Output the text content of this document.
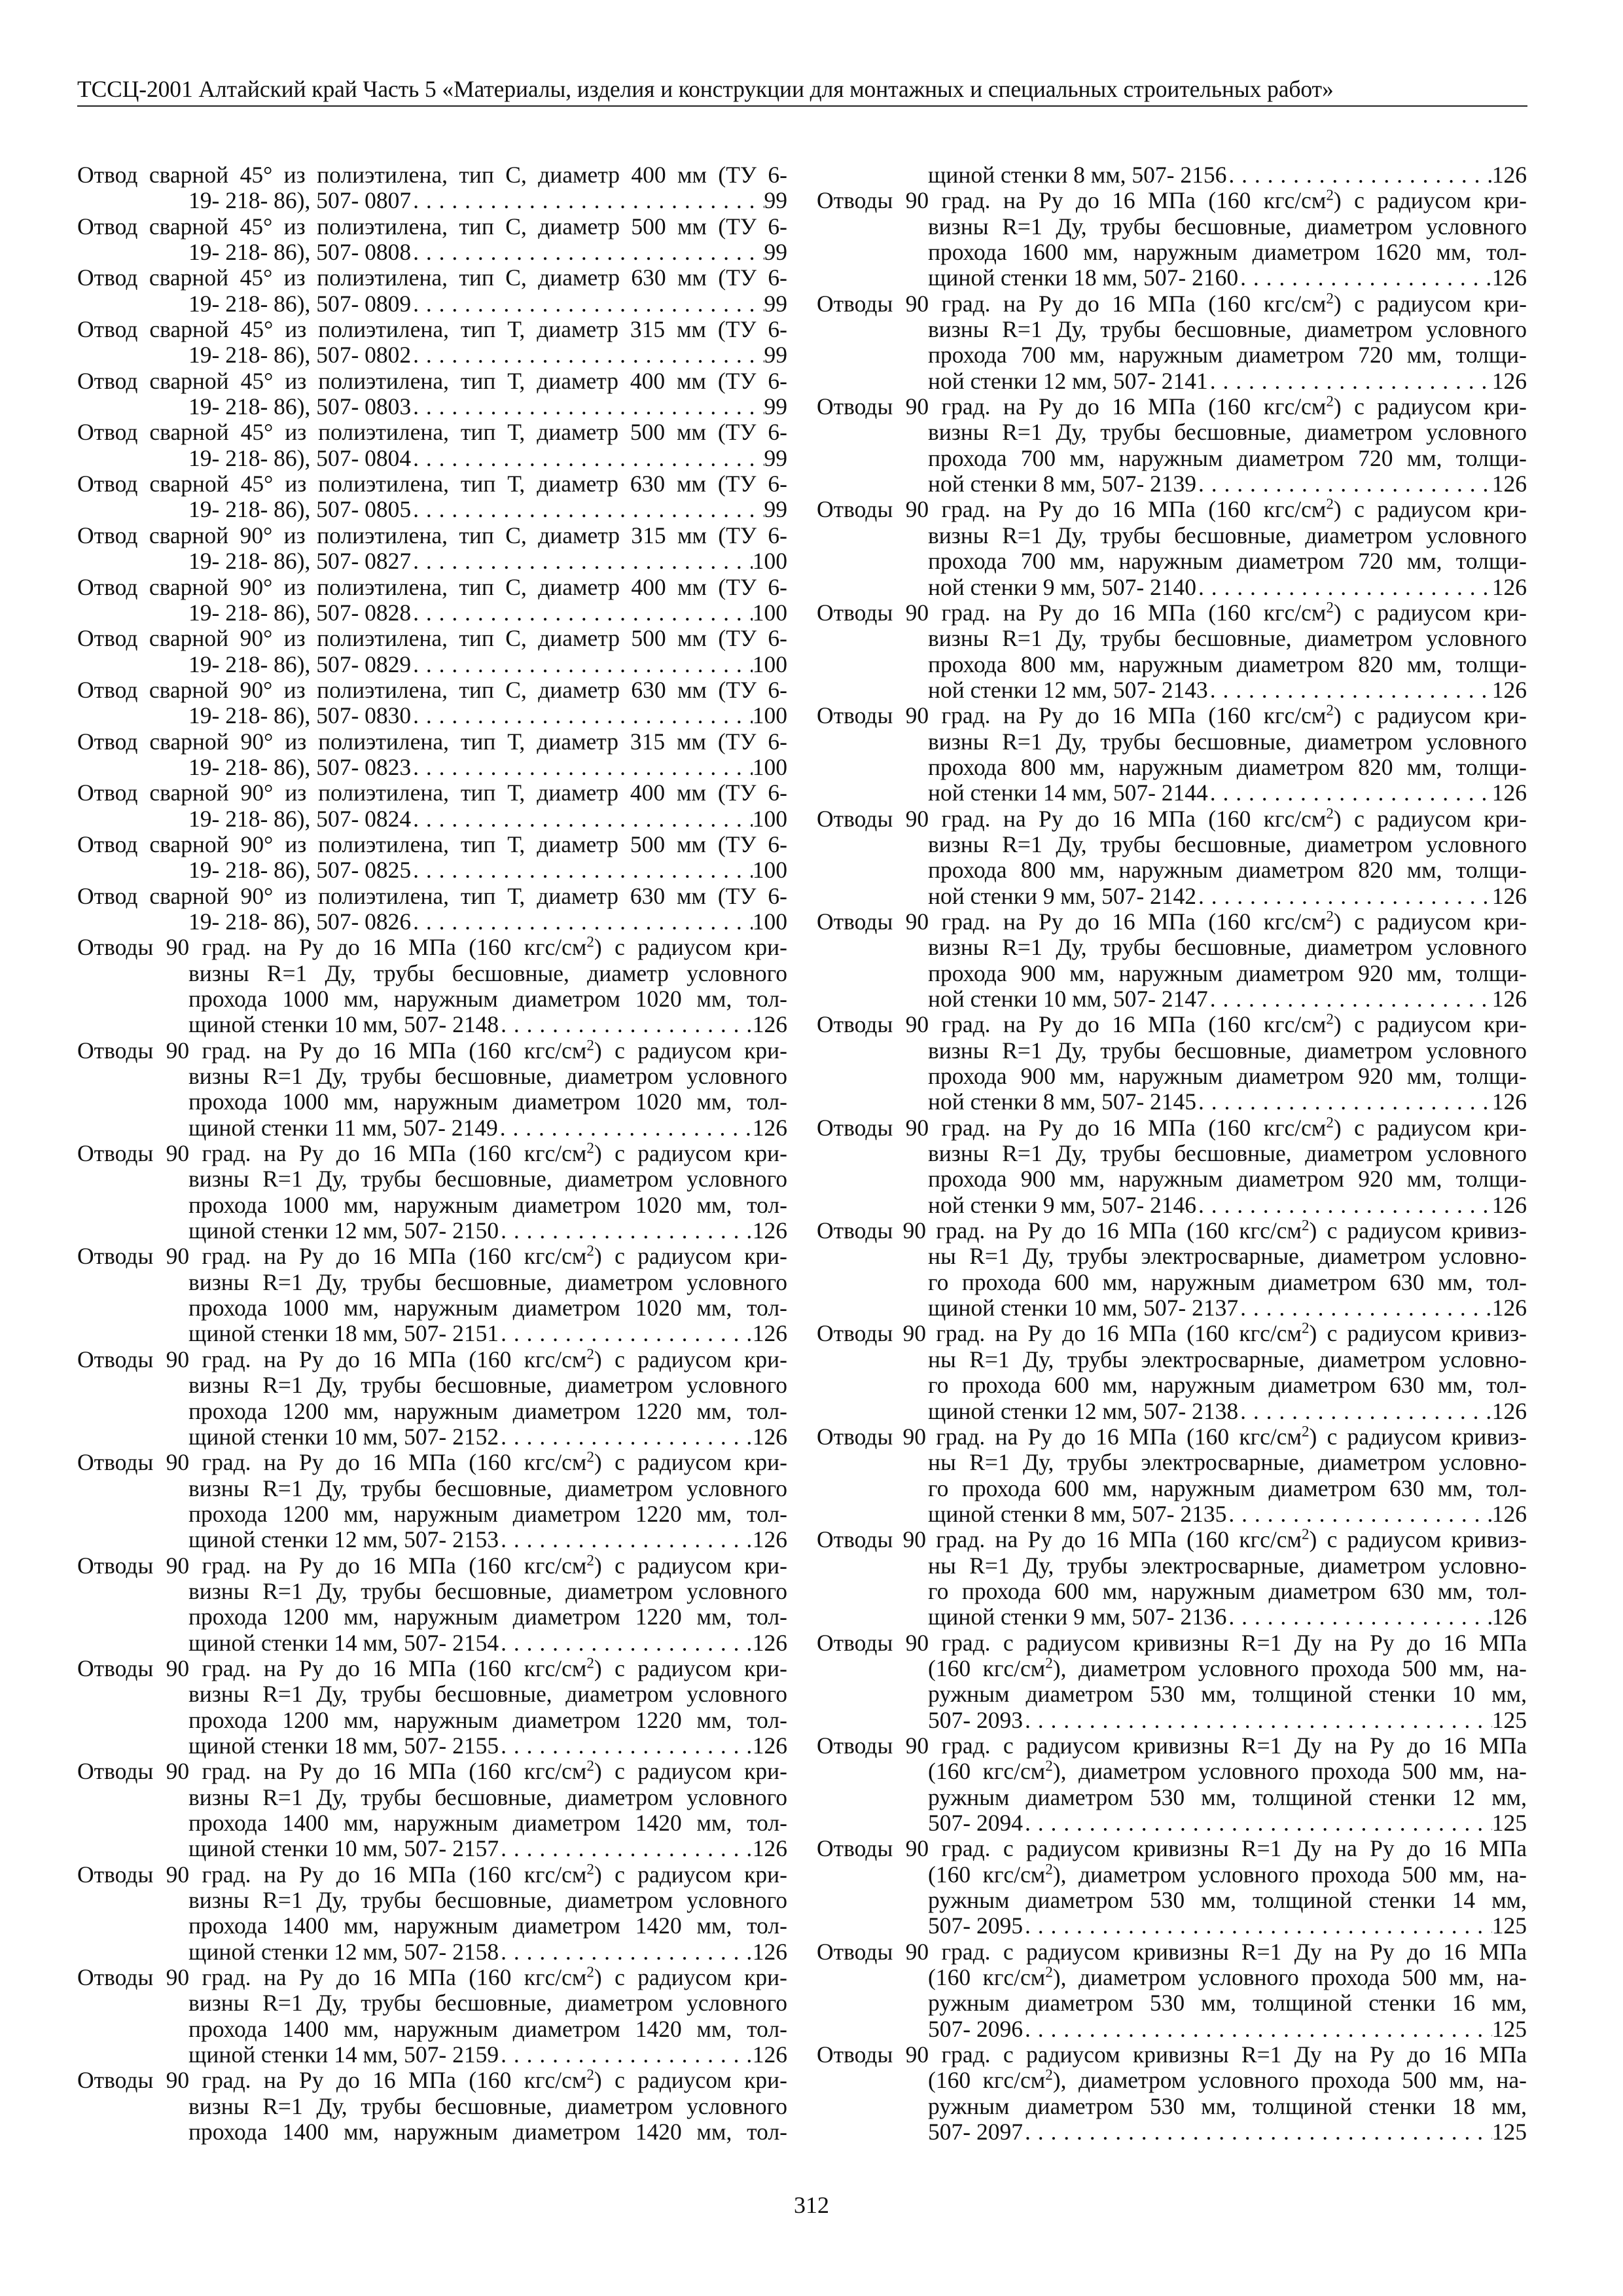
ТССЦ-2001 Алтайский край Часть 5 «Материалы, изделия и конструкции для монтажных и специальных строительных работ»
Отвод сварной 45° из полиэтилена, тип С, диаметр 400 мм (ТУ 6-
19- 218- 86), 507- 0807 . . .	99
Отвод сварной 45° из полиэтилена, тип С, диаметр 500 мм (ТУ 6-
19- 218- 86), 507- 0808 . . .	99
Отвод сварной 45° из полиэтилена, тип С, диаметр 630 мм (ТУ 6-
19- 218- 86), 507- 0809 . . .	99
Отвод сварной 45° из полиэтилена, тип Т, диаметр 315 мм (ТУ 6-
19- 218- 86), 507- 0802 . . .	99
Отвод сварной 45° из полиэтилена, тип Т, диаметр 400 мм (ТУ 6-
19- 218- 86), 507- 0803 . . .	99
Отвод сварной 45° из полиэтилена, тип Т, диаметр 500 мм (ТУ 6-
19- 218- 86), 507- 0804 . . .	99
Отвод сварной 45° из полиэтилена, тип Т, диаметр 630 мм (ТУ 6-
19- 218- 86), 507- 0805 . . .	99
Отвод сварной 90° из полиэтилена, тип С, диаметр 315 мм (ТУ 6-
19- 218- 86), 507- 0827 . . .	100
Отвод сварной 90° из полиэтилена, тип С, диаметр 400 мм (ТУ 6-
19- 218- 86), 507- 0828 . . .	100
Отвод сварной 90° из полиэтилена, тип С, диаметр 500 мм (ТУ 6-
19- 218- 86), 507- 0829 . . .	100
Отвод сварной 90° из полиэтилена, тип С, диаметр 630 мм (ТУ 6-
19- 218- 86), 507- 0830 . . .	100
Отвод сварной 90° из полиэтилена, тип Т, диаметр 315 мм (ТУ 6-
19- 218- 86), 507- 0823 . . .	100
Отвод сварной 90° из полиэтилена, тип Т, диаметр 400 мм (ТУ 6-
19- 218- 86), 507- 0824 . . .	100
Отвод сварной 90° из полиэтилена, тип Т, диаметр 500 мм (ТУ 6-
19- 218- 86), 507- 0825 . . .	100
Отвод сварной 90° из полиэтилена, тип Т, диаметр 630 мм (ТУ 6-
19- 218- 86), 507- 0826 . . .	100
Отводы 90 град. на Ру до 16 МПа (160 кгс/$см^2$) с радиусом кри-
визны R=1 Ду, трубы бесшовные, диаметр условного
прохода 1000 мм, наружным диаметром 1020 мм, тол-
щиной стенки 10 мм, 507- 2148 . . .	126
Отводы 90 град. на Ру до 16 МПа (160 кгс/$см^2$) с радиусом кри-
визны R=1 Ду, трубы бесшовные, диаметром условного
прохода 1000 мм, наружным диаметром 1020 мм, тол-
щиной стенки 11 мм, 507- 2149 . . .	126
Отводы 90 град. на Ру до 16 МПа (160 кгс/$см^2$) с радиусом кри-
визны R=1 Ду, трубы бесшовные, диаметром условного
прохода 1000 мм, наружным диаметром 1020 мм, тол-
щиной стенки 12 мм, 507- 2150 . . .	126
Отводы 90 град. на Ру до 16 МПа (160 кгс/$см^2$) с радиусом кри-
визны R=1 Ду, трубы бесшовные, диаметром условного
прохода 1000 мм, наружным диаметром 1020 мм, тол-
щиной стенки 18 мм, 507- 2151 . . .	126
Отводы 90 град. на Ру до 16 МПа (160 кгс/$см^2$) с радиусом кри-
визны R=1 Ду, трубы бесшовные, диаметром условного
прохода 1200 мм, наружным диаметром 1220 мм, тол-
щиной стенки 10 мм, 507- 2152 . . .	126
Отводы 90 град. на Ру до 16 МПа (160 кгс/$см^2$) с радиусом кри-
визны R=1 Ду, трубы бесшовные, диаметром условного
прохода 1200 мм, наружным диаметром 1220 мм, тол-
щиной стенки 12 мм, 507- 2153 . . .	126
Отводы 90 град. на Ру до 16 МПа (160 кгс/$см^2$) с радиусом кри-
визны R=1 Ду, трубы бесшовные, диаметром условного
прохода 1200 мм, наружным диаметром 1220 мм, тол-
щиной стенки 14 мм, 507- 2154 . . .	126
Отводы 90 град. на Ру до 16 МПа (160 кгс/$см^2$) с радиусом кри-
визны R=1 Ду, трубы бесшовные, диаметром условного
прохода 1200 мм, наружным диаметром 1220 мм, тол-
щиной стенки 18 мм, 507- 2155 . . .	126
Отводы 90 град. на Ру до 16 МПа (160 кгс/$см^2$) с радиусом кри-
визны R=1 Ду, трубы бесшовные, диаметром условного
прохода 1400 мм, наружным диаметром 1420 мм, тол-
щиной стенки 10 мм, 507- 2157 . . .	126
Отводы 90 град. на Ру до 16 МПа (160 кгс/$см^2$) с радиусом кри-
визны R=1 Ду, трубы бесшовные, диаметром условного
прохода 1400 мм, наружным диаметром 1420 мм, тол-
щиной стенки 12 мм, 507- 2158 . . .	126
Отводы 90 град. на Ру до 16 МПа (160 кгс/$см^2$) с радиусом кри-
визны R=1 Ду, трубы бесшовные, диаметром условного
прохода 1400 мм, наружным диаметром 1420 мм, тол-
щиной стенки 14 мм, 507- 2159 . . .	126
Отводы 90 град. на Ру до 16 МПа (160 кгс/$см^2$) с радиусом кри-
визны R=1 Ду, трубы бесшовные, диаметром условного
прохода 1400 мм, наружным диаметром 1420 мм, тол-
щиной стенки 8 мм, 507- 2156 . . .	126
Отводы 90 град. на Ру до 16 МПа (160 кгс/$см^2$) с радиусом кри-
визны R=1 Ду, трубы бесшовные, диаметром условного
прохода 1600 мм, наружным диаметром 1620 мм, тол-
щиной стенки 18 мм, 507- 2160 . . .	126
Отводы 90 град. на Ру до 16 МПа (160 кгс/$см^2$) с радиусом кри-
визны R=1 Ду, трубы бесшовные, диаметром условного
прохода 700 мм, наружным диаметром 720 мм, толщи-
ной стенки 12 мм, 507- 2141 . . .	126
Отводы 90 град. на Ру до 16 МПа (160 кгс/$см^2$) с радиусом кри-
визны R=1 Ду, трубы бесшовные, диаметром условного
прохода 700 мм, наружным диаметром 720 мм, толщи-
ной стенки 8 мм, 507- 2139 . . .	126
Отводы 90 град. на Ру до 16 МПа (160 кгс/$см^2$) с радиусом кри-
визны R=1 Ду, трубы бесшовные, диаметром условного
прохода 700 мм, наружным диаметром 720 мм, толщи-
ной стенки 9 мм, 507- 2140 . . .	126
Отводы 90 град. на Ру до 16 МПа (160 кгс/$см^2$) с радиусом кри-
визны R=1 Ду, трубы бесшовные, диаметром условного
прохода 800 мм, наружным диаметром 820 мм, толщи-
ной стенки 12 мм, 507- 2143 . . .	126
Отводы 90 град. на Ру до 16 МПа (160 кгс/$см^2$) с радиусом кри-
визны R=1 Ду, трубы бесшовные, диаметром условного
прохода 800 мм, наружным диаметром 820 мм, толщи-
ной стенки 14 мм, 507- 2144 . . .	126
Отводы 90 град. на Ру до 16 МПа (160 кгс/$см^2$) с радиусом кри-
визны R=1 Ду, трубы бесшовные, диаметром условного
прохода 800 мм, наружным диаметром 820 мм, толщи-
ной стенки 9 мм, 507- 2142 . . .	126
Отводы 90 град. на Ру до 16 МПа (160 кгс/$см^2$) с радиусом кри-
визны R=1 Ду, трубы бесшовные, диаметром условного
прохода 900 мм, наружным диаметром 920 мм, толщи-
ной стенки 10 мм, 507- 2147 . . .	126
Отводы 90 град. на Ру до 16 МПа (160 кгс/$см^2$) с радиусом кри-
визны R=1 Ду, трубы бесшовные, диаметром условного
прохода 900 мм, наружным диаметром 920 мм, толщи-
ной стенки 8 мм, 507- 2145 . . .	126
Отводы 90 град. на Ру до 16 МПа (160 кгс/$см^2$) с радиусом кри-
визны R=1 Ду, трубы бесшовные, диаметром условного
прохода 900 мм, наружным диаметром 920 мм, толщи-
ной стенки 9 мм, 507- 2146 . . .	126
Отводы 90 град. на Ру до 16 МПа (160 кгс/$см^2$) с радиусом кривиз-
ны R=1 Ду, трубы электросварные, диаметром условно-
го прохода 600 мм, наружным диаметром 630 мм, тол-
щиной стенки 10 мм, 507- 2137 . . .	126
Отводы 90 град. на Ру до 16 МПа (160 кгс/$см^2$) с радиусом кривиз-
ны R=1 Ду, трубы электросварные, диаметром условно-
го прохода 600 мм, наружным диаметром 630 мм, тол-
щиной стенки 12 мм, 507- 2138 . . .	126
Отводы 90 град. на Ру до 16 МПа (160 кгс/$см^2$) с радиусом кривиз-
ны R=1 Ду, трубы электросварные, диаметром условно-
го прохода 600 мм, наружным диаметром 630 мм, тол-
щиной стенки 8 мм, 507- 2135 . . .	126
Отводы 90 град. на Ру до 16 МПа (160 кгс/$см^2$) с радиусом кривиз-
ны R=1 Ду, трубы электросварные, диаметром условно-
го прохода 600 мм, наружным диаметром 630 мм, тол-
щиной стенки 9 мм, 507- 2136 . . .	126
Отводы 90 град. с радиусом кривизны R=1 Ду на Ру до 16 МПа
(160 кгс/$см^2$), диаметром условного прохода 500 мм, на-
ружным диаметром 530 мм, толщиной стенки 10 мм,
507- 2093 . . .	125
Отводы 90 град. с радиусом кривизны R=1 Ду на Ру до 16 МПа
(160 кгс/$см^2$), диаметром условного прохода 500 мм, на-
ружным диаметром 530 мм, толщиной стенки 12 мм,
507- 2094 . . .	125
Отводы 90 град. с радиусом кривизны R=1 Ду на Ру до 16 МПа
(160 кгс/$см^2$), диаметром условного прохода 500 мм, на-
ружным диаметром 530 мм, толщиной стенки 14 мм,
507- 2095 . . .	125
Отводы 90 град. с радиусом кривизны R=1 Ду на Ру до 16 МПа
(160 кгс/$см^2$), диаметром условного прохода 500 мм, на-
ружным диаметром 530 мм, толщиной стенки 16 мм,
507- 2096 . . .	125
Отводы 90 град. с радиусом кривизны R=1 Ду на Ру до 16 МПа
(160 кгс/$см^2$), диаметром условного прохода 500 мм, на-
ружным диаметром 530 мм, толщиной стенки 18 мм,
507- 2097 . . .	125
312
